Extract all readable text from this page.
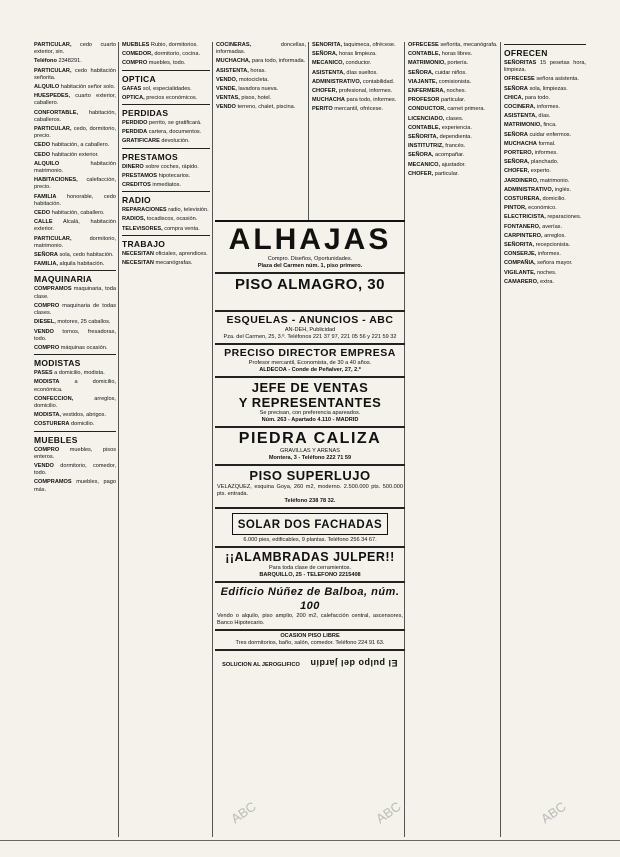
PARTICULAR, cedo cuarto exterior, sin.
Teléfono 2348291.
PARTICULAR, cedo habitación señorita.
ALQUILO habitación señor solo.
HUESPEDES, cuarto exterior, caballero.
CONFORTABLE, habitación, caballeros.
PARTICULAR, cedo, dormitorio, precio.
CEDO habitación, a caballero.
CEDO habitación exterior.
ALQUILO habitación matrimonio.
HABITACIONES, calefacción, precio.
FAMILIA honorable, cedo habitación.
CEDO habitación, caballero.
CALLE Alcalá, habitación exterior.
PARTICULAR, dormitorio, matrimonio.
SEÑORA sola, cedo habitación.
FAMILIA, alquila habitación.
MAQUINARIA
COMPRAMOS maquinaria, toda clase.
COMPRO maquinaria de todas clases.
DIESEL, motores, 25 caballos.
VENDO tornos, fresadoras, todo.
COMPRO máquinas ocasión.
MODISTAS
PASES a domicilio, modista.
MODISTA a domicilio, económica.
CONFECCION, arreglos, domicilio.
MODISTA, vestidos, abrigos.
COSTURERA domicilio.
MUEBLES
COMPRO muebles, pisos enteros.
VENDO dormitorio, comedor, todo.
COMPRAMOS muebles, pago más.
MUEBLES Rubio, dormitorios.
COMEDOR, dormitorio, cocina.
COMPRO muebles, todo.
OPTICA
GAFAS sol, especialidades.
OPTICA, precios económicos.
PERDIDAS
PERDIDO perrito, se gratificará.
PERDIDA cartera, documentos.
GRATIFICARE devolución.
PRESTAMOS
DINERO sobre coches, rápido.
PRESTAMOS hipotecarios.
CREDITOS inmediatos.
RADIO
REPARACIONES radio, televisión.
RADIOS, tocadiscos, ocasión.
TELEVISORES, compra venta.
TRABAJO
NECESITAN oficiales, aprendices.
NECESITAN mecanógrafas.
COCINERAS, doncellas, informadas.
MUCHACHA, para todo, informada.
ASISTENTA, horas.
VENDO, motocicleta.
VENDE, lavadora nueva.
VENTAS, pisos, hotel.
VENDO terreno, chalet, piscina.
SEÑORITA, taquimeca, ofrécese.
SEÑORA, horas limpieza.
MECANICO, conductor.
ASISTENTA, días sueltos.
ADMINISTRATIVO, contabilidad.
CHOFER, profesional, informes.
MUCHACHA para todo, informes.
PERITO mercantil, ofrécese.
OFRECESE señorita, mecanógrafa.
CONTABLE, horas libres.
MATRIMONIO, portería.
SEÑORA, cuidar niños.
VIAJANTE, comisionista.
ENFERMERA, noches.
PROFESOR particular.
CONDUCTOR, carnet primera.
LICENCIADO, clases.
CONTABLE, experiencia.
SEÑORITA, dependienta.
INSTITUTRIZ, francés.
SEÑORA, acompañar.
MECANICO, ajustador.
CHOFER, particular.
OFRECEN
SEÑORITAS 15 pesetas hora, limpieza.
OFRECESE señora asistenta.
SEÑORA sola, limpiezas.
CHICA, para todo.
COCINERA, informes.
ASISTENTA, días.
MATRIMONIO, finca.
SEÑORA cuidar enfermos.
MUCHACHA formal.
PORTERO, informes.
SEÑORA, planchado.
CHOFER, experto.
JARDINERO, matrimonio.
ADMINISTRATIVO, inglés.
COSTURERA, domicilio.
PINTOR, económico.
ELECTRICISTA, reparaciones.
FONTANERO, averías.
CARPINTERO, arreglos.
SEÑORITA, recepcionista.
CONSERJE, informes.
COMPAÑIA, señora mayor.
VIGILANTE, noches.
CAMARERO, extra.
ALHAJAS
Compro. Diseños, Oportunidades.
Plaza del Carmen núm. 1, piso primero.
PISO ALMAGRO, 30
ESQUELAS - ANUNCIOS - ABC
AN-DEH, Publicidad
Pza. del Carmen, 25, 3.º. Teléfonos 221 37 97, 221 05 56 y 221 59 32
PRECISO DIRECTOR EMPRESA
Profesor mercantil, Economista, de 30 a 40 años.
ALDECOA - Conde de Peñalver, 27, 2.º
JEFE DE VENTAS
Y REPRESENTANTES
Se precisan, con preferencia apareados.
Núm. 263 - Apartado 4.110 - MADRID
PIEDRA CALIZA
GRAVILLAS Y ARENAS
Montera, 3 - Teléfono 222 71 59
PISO SUPERLUJO
VELAZQUEZ, esquina Goya, 260 m2, moderno. 2.500.000 pts. 500.000 pts. entrada.
Teléfono 238 78 32.
SOLAR DOS FACHADAS
6.000 pies, edificables, 9 plantas. Teléfono 256 34 67.
¡¡ALAMBRADAS JULPER!!
Para toda clase de cerramientos.
BARQUILLO, 25 - TELEFONO 2215408
Edificio Núñez de Balboa, núm. 100
Vendo o alquilo, piso amplio, 200 m2, calefacción central, ascensores, Banco Hipotecario.
OCASION PISO LIBRE
Tres dormitorios, baño, salón, comedor. Teléfono 224 91 63.
SOLUCION AL JEROGLIFICO El pulpo del jardín
ABC	ABC	ABC
